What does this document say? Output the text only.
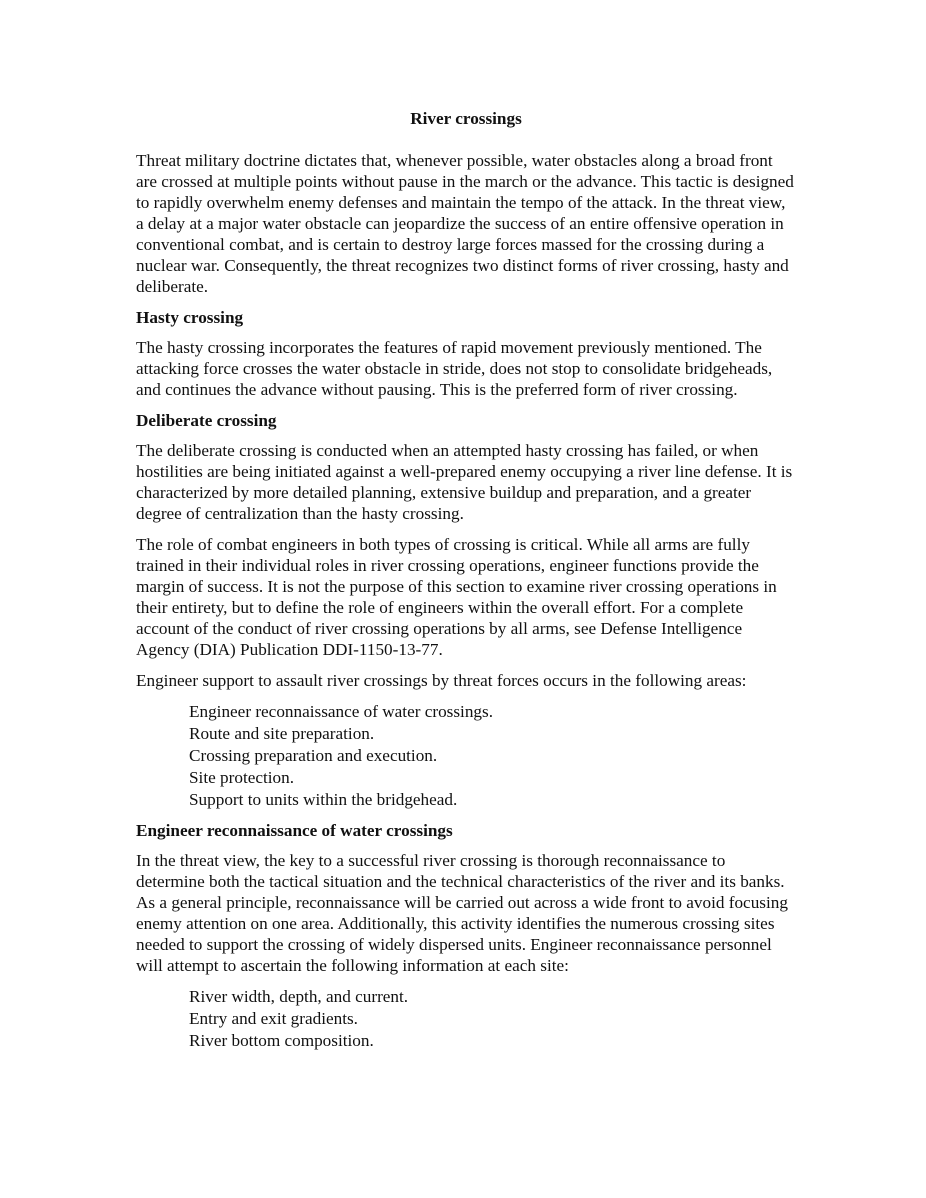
River crossings

Threat military doctrine dictates that, whenever possible, water obstacles along a broad front are crossed at multiple points without pause in the march or the advance. This tactic is designed to rapidly overwhelm enemy defenses and maintain the tempo of the attack. In the threat view, a delay at a major water obstacle can jeopardize the success of an entire offensive operation in conventional combat, and is certain to destroy large forces massed for the crossing during a nuclear war. Consequently, the threat recognizes two distinct forms of river crossing, hasty and deliberate.

Hasty crossing

The hasty crossing incorporates the features of rapid movement previously mentioned. The attacking force crosses the water obstacle in stride, does not stop to consolidate bridgeheads, and continues the advance without pausing. This is the preferred form of river crossing.

Deliberate crossing

The deliberate crossing is conducted when an attempted hasty crossing has failed, or when hostilities are being initiated against a well-prepared enemy occupying a river line defense. It is characterized by more detailed planning, extensive buildup and preparation, and a greater degree of centralization than the hasty crossing.

The role of combat engineers in both types of crossing is critical. While all arms are fully trained in their individual roles in river crossing operations, engineer functions provide the margin of success. It is not the purpose of this section to examine river crossing operations in their entirety, but to define the role of engineers within the overall effort. For a complete account of the conduct of river crossing operations by all arms, see Defense Intelligence Agency (DIA) Publication DDI-1150-13-77.

Engineer support to assault river crossings by threat forces occurs in the following areas:

Engineer reconnaissance of water crossings.
Route and site preparation.
Crossing preparation and execution.
Site protection.
Support to units within the bridgehead.
Engineer reconnaissance of water crossings

In the threat view, the key to a successful river crossing is thorough reconnaissance to determine both the tactical situation and the technical characteristics of the river and its banks. As a general principle, reconnaissance will be carried out across a wide front to avoid focusing enemy attention on one area. Additionally, this activity identifies the numerous crossing sites needed to support the crossing of widely dispersed units. Engineer reconnaissance personnel will attempt to ascertain the following information at each site:

River width, depth, and current.
Entry and exit gradients.
River bottom composition.
